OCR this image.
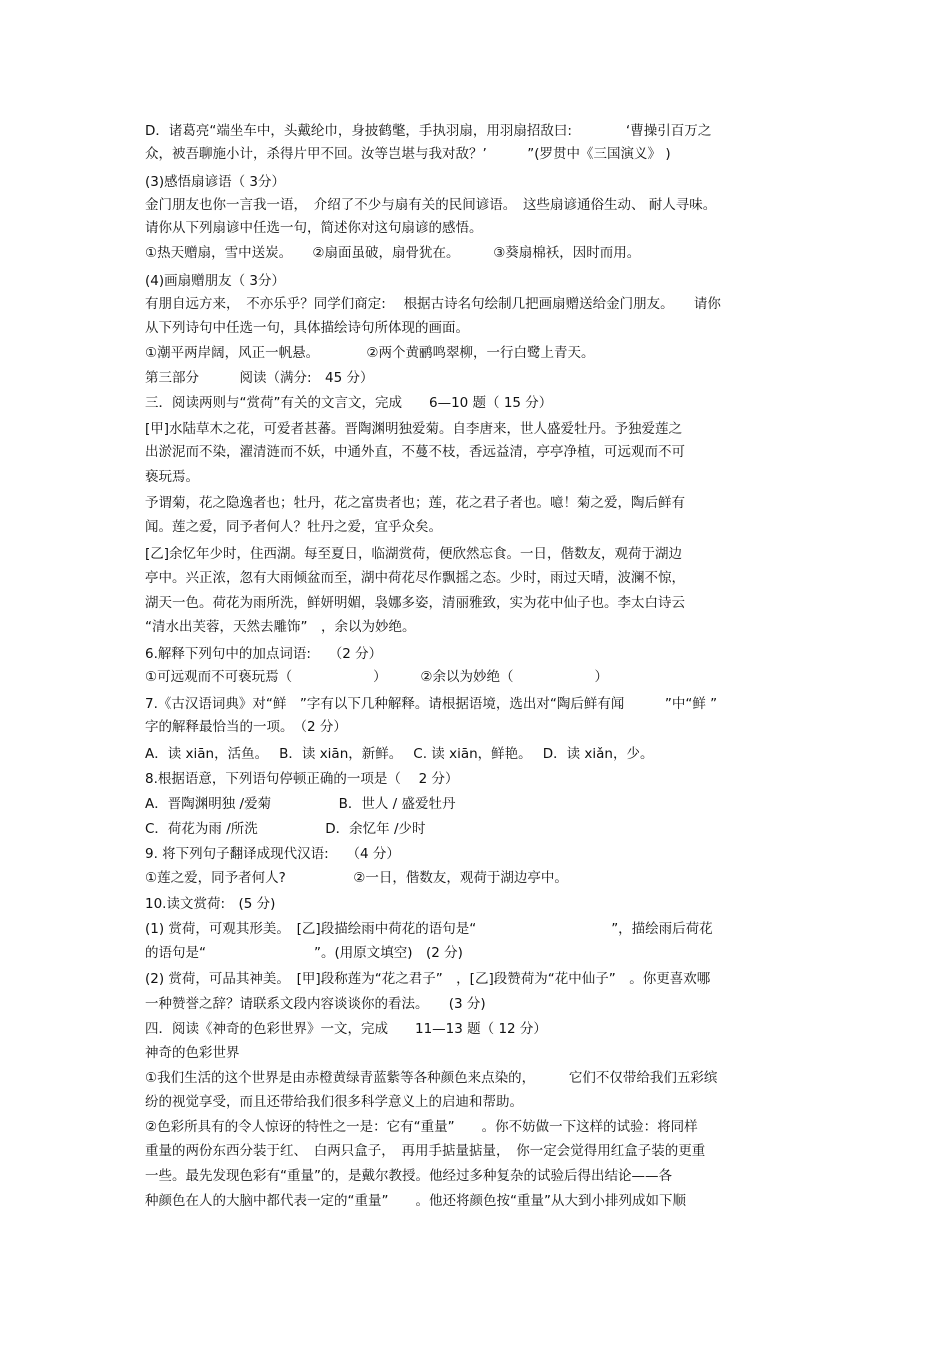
D．诸葛亮“端坐车中，头戴纶巾，身披鹤氅，手执羽扇，用羽扇招敌曰:　　　　‘曹操引百万之
众，被吾聊施小计，杀得片甲不回。汝等岂堪与我对敌？’　　　”(罗贯中《三国演义》 )
(3)感悟扇谚语（ 3分）
金门朋友也你一言我一语，　介绍了不少与扇有关的民间谚语。　这些扇谚通俗生动、 耐人寻味。
请你从下列扇谚中任选一句，简述你对这句扇谚的感悟。
①热天赠扇，雪中送炭。　　②扇面虽破，扇骨犹在。　　　③葵扇棉袄，因时而用。
(4)画扇赠朋友（ 3分）
有朋自远方来，　不亦乐乎？同学们商定:　 根据古诗名句绘制几把画扇赠送给金门朋友。　　请你
从下列诗句中任选一句，具体描绘诗句所体现的画面。
①潮平两岸阔，风正一帆悬。　　　　②两个黄鹂鸣翠柳，一行白鹭上青天。
第三部分　　　阅读（满分:　45 分）
三．阅读两则与“赏荷”有关的文言文，完成　　6—10 题（ 15 分）
[甲]水陆草木之花，可爱者甚蕃。晋陶渊明独爱菊。自李唐来，世人盛爱牡丹。予独爱莲之
出淤泥而不染，濯清涟而不妖，中通外直，不蔓不枝，香远益清，亭亭净植，可远观而不可
亵玩焉。
予谓菊，花之隐逸者也；牡丹，花之富贵者也；莲，花之君子者也。噫！菊之爱，陶后鲜有
闻。莲之爱，同予者何人？牡丹之爱，宜乎众矣。
[乙]余忆年少时，住西湖。每至夏日，临湖赏荷，便欣然忘食。一日，偕数友，观荷于湖边
亭中。兴正浓，忽有大雨倾盆而至，湖中荷花尽作飘摇之态。少时，雨过天晴，波澜不惊，
湖天一色。荷花为雨所洗，鲜妍明媚，袅娜多姿，清丽雅致，实为花中仙子也。李太白诗云
“清水出芙蓉，天然去雕饰”　，余以为妙绝。
6.解释下列句中的加点词语:　 （2 分）
①可远观而不可亵玩焉（　　　　　　）　　　②余以为妙绝（　　　　　　）
7.《古汉语词典》对“鲜　”字有以下几种解释。请根据语境，选出对“陶后鲜有闻　　　”中“鲜 ”
字的解释最恰当的一项。　（2 分）
A．读 xiān，活鱼。　 B．读 xiān，新鲜。　 C. 读 xiān，鲜艳。　 D．读 xiǎn，少。
8.根据语意，下列语句停顿正确的一项是（　 2 分）
A．晋陶渊明独 /爱菊　　　　　B．世人 / 盛爱牡丹
C．荷花为雨 /所洗　　　　　D．余忆年 /少时
9. 将下列句子翻译成现代汉语:　 （4 分）
①莲之爱，同予者何人?　　　　　②一日，偕数友，观荷于湖边亭中。
10.读文赏荷:　(5 分)
(1) 赏荷，可观其形美。　[乙]段描绘雨中荷花的语句是“　　　　　　　　　　”，描绘雨后荷花
的语句是“　　　　　　　　”。(用原文填空)　(2 分)
(2) 赏荷，可品其神美。　[甲]段称莲为“花之君子”　，[乙]段赞荷为“花中仙子”　。你更喜欢哪
一种赞誉之辞？请联系文段内容谈谈你的看法。　　(3 分)
四．阅读《神奇的色彩世界》一文，完成　　11—13 题（ 12 分）
神奇的色彩世界
①我们生活的这个世界是由赤橙黄绿青蓝紫等各种颜色来点染的，　　　它们不仅带给我们五彩缤
纷的视觉享受，而且还带给我们很多科学意义上的启迪和帮助。
②色彩所具有的令人惊讶的特性之一是：它有“重量”　　。你不妨做一下这样的试验：将同样
重量的两份东西分装于红、　白两只盒子，　再用手掂量掂量，　你一定会觉得用红盒子装的更重
一些。最先发现色彩有“重量”的，是戴尔教授。他经过多种复杂的试验后得出结论——各
种颜色在人的大脑中都代表一定的“重量”　　。他还将颜色按“重量”从大到小排列成如下顺
